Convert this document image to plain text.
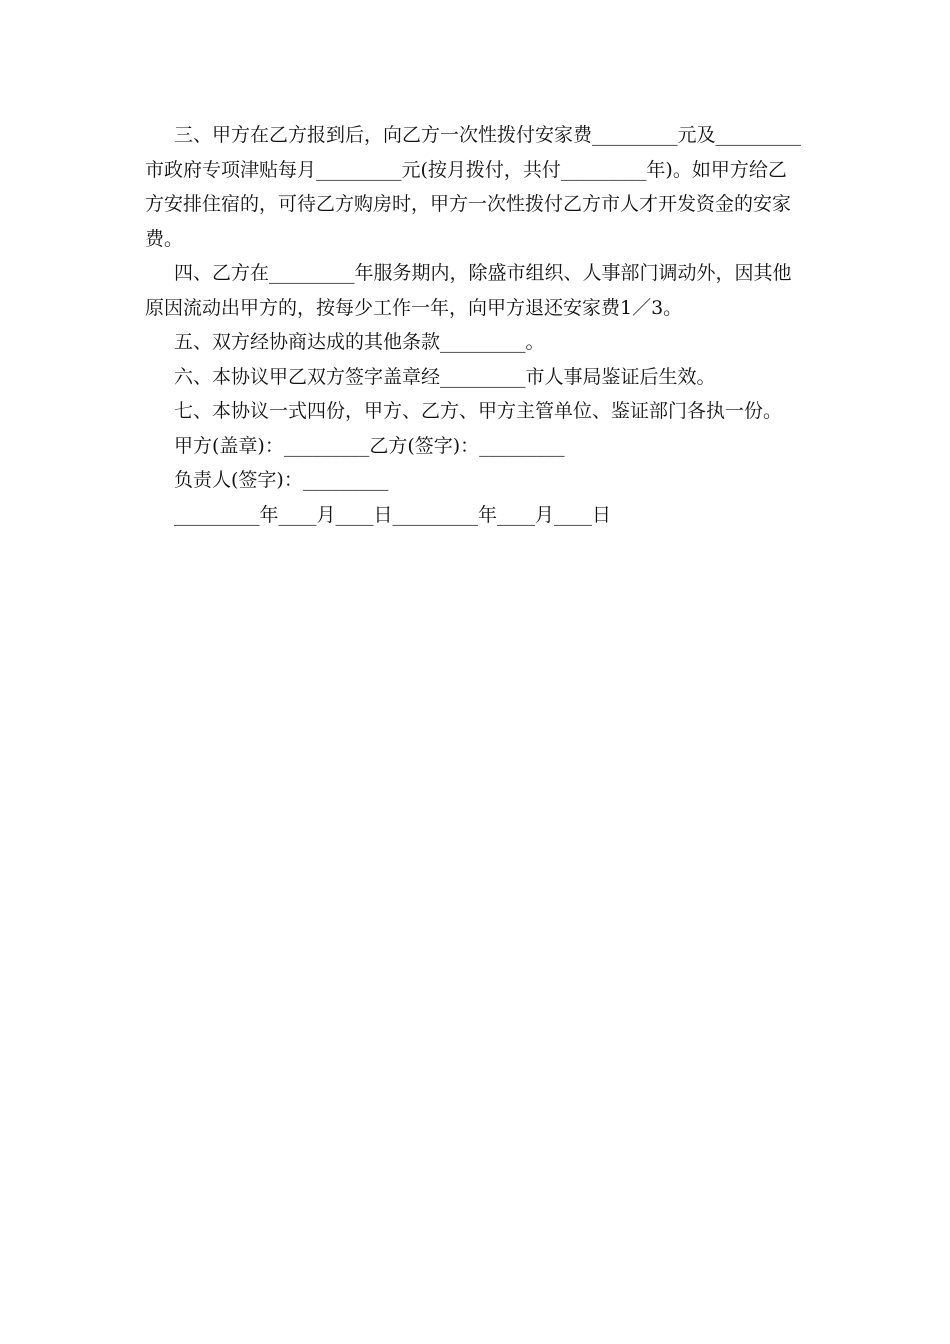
三、甲方在乙方报到后，向乙方一次性拨付安家费_________元及_________市政府专项津贴每月_________元(按月拨付，共付_________年)。如甲方给乙方安排住宿的，可待乙方购房时，甲方一次性拨付乙方市人才开发资金的安家费。

四、乙方在_________年服务期内，除盛市组织、人事部门调动外，因其他原因流动出甲方的，按每少工作一年，向甲方退还安家费1／3。

五、双方经协商达成的其他条款_________。

六、本协议甲乙双方签字盖章经_________市人事局鉴证后生效。

七、本协议一式四份，甲方、乙方、甲方主管单位、鉴证部门各执一份。

甲方(盖章)：_________乙方(签字)：_________

负责人(签字)：_________

_________年____月____日_________年____月____日
